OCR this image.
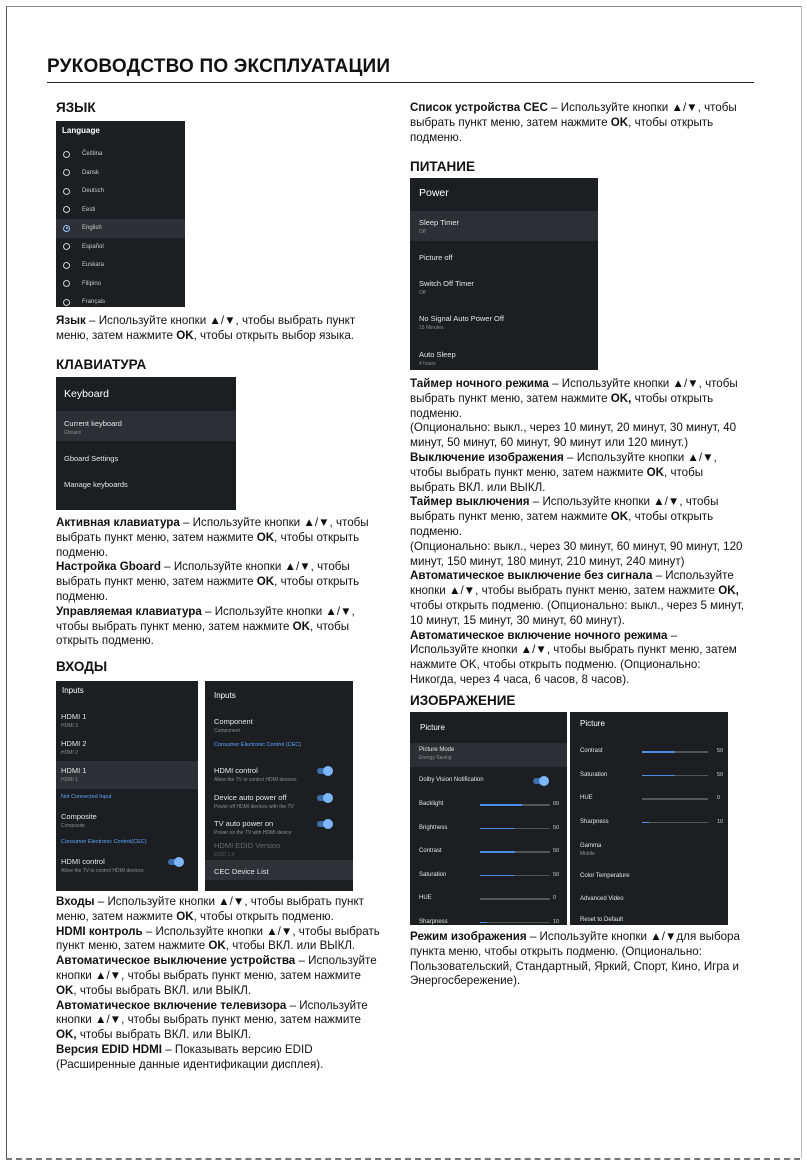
РУКОВОДСТВО ПО ЭКСПЛУАТАЦИИ
ЯЗЫК
Language
Čeština
Dansk
Deutsch
Eesti
English
Español
Euskara
Filipino
Français

Язык – Используйте кнопки ▲/▼, чтобы выбрать пункт меню, затем нажмите OK, чтобы открыть выбор языка.

КЛАВИАТУРА
Keyboard
Current keyboard
Gboard
Gboard Settings
Manage keyboards

Активная клавиатура – Используйте кнопки ▲/▼, чтобы выбрать пункт меню, затем нажмите OK, чтобы открыть подменю.

Настройка Gboard – Используйте кнопки ▲/▼, чтобы выбрать пункт меню, затем нажмите OK, чтобы открыть подменю.

Управляемая клавиатура – Используйте кнопки ▲/▼, чтобы выбрать пункт меню, затем нажмите OK, чтобы открыть подменю.

ВХОДЫ
Inputs
HDMI 1
HDMI 3
HDMI 2
HDMI 2
HDMI 1
HDMI 1
Not Connected Input
Composite
Composite
Consumer Electronic Control(CEC)
HDMI control
Allow the TV to control HDMI devices
Inputs
Component
Component
Consumer Electronic Control (CEC)
HDMI control
Allow the TV to control HDMI devices
Device auto power off
Power off HDMI devices with the TV
TV auto power on
Power on the TV with HDMI device
HDMI EDID Version
EDID 1.4
CEC Device List

Входы – Используйте кнопки ▲/▼, чтобы выбрать пункт меню, затем нажмите OK, чтобы открыть подменю.

HDMI контроль – Используйте кнопки ▲/▼, чтобы выбрать пункт меню, затем нажмите OK, чтобы ВКЛ. или ВЫКЛ.

Автоматическое выключение устройства – Используйте кнопки ▲/▼, чтобы выбрать пункт меню, затем нажмите OK, чтобы выбрать ВКЛ. или ВЫКЛ.

Автоматическое включение телевизора – Используйте кнопки ▲/▼, чтобы выбрать пункт меню, затем нажмите OK, чтобы выбрать ВКЛ. или ВЫКЛ.

Версия EDID HDMI – Показывать версию EDID (Расширенные данные идентификации дисплея).

Список устройства CEC – Используйте кнопки ▲/▼, чтобы выбрать пункт меню, затем нажмите OK, чтобы открыть подменю.

ПИТАНИЕ
Power
Sleep Timer
Off
Picture off
Switch Off Timer
Off
No Signal Auto Power Off
15 Minutes
Auto Sleep
4 hours

Таймер ночного режима – Используйте кнопки ▲/▼, чтобы выбрать пункт меню, затем нажмите OK, чтобы открыть подменю.

(Опционально: выкл., через 10 минут, 20 минут, 30 минут, 40 минут, 50 минут, 60 минут, 90 минут или 120 минут.)

Выключение изображения – Используйте кнопки ▲/▼, чтобы выбрать пункт меню, затем нажмите OK, чтобы выбрать ВКЛ. или ВЫКЛ.

Таймер выключения – Используйте кнопки ▲/▼, чтобы выбрать пункт меню, затем нажмите OK, чтобы открыть подменю.

(Опционально: выкл., через 30 минут, 60 минут, 90 минут, 120 минут, 150 минут, 180 минут, 210 минут, 240 минут)

Автоматическое выключение без сигнала – Используйте кнопки ▲/▼, чтобы выбрать пункт меню, затем нажмите OK, чтобы открыть подменю. (Опционально: выкл., через 5 минут, 10 минут, 15 минут, 30 минут, 60 минут).

Автоматическое включение ночного режима – Используйте кнопки ▲/▼, чтобы выбрать пункт меню, затем нажмите OK, чтобы открыть подменю. (Опционально: Никогда, через 4 часа, 6 часов, 8 часов).

ИЗОБРАЖЕНИЕ
Picture
Picture Mode
Energy Saving
Dolby Vision Notification
Backlight	60
Brightness	50
Contrast	50
Saturation	50
HUE	0
Sharpness	10
Picture
Contrast	50
Saturation	50
HUE	0
Sharpness	10
Gamma
Middle
Color Temperature
Advanced Video
Reset to Default

Режим изображения – Используйте кнопки ▲/▼для выбора пункта меню, чтобы открыть подменю. (Опционально: Пользовательский, Стандартный, Яркий, Спорт, Кино, Игра и Энергосбережение).
